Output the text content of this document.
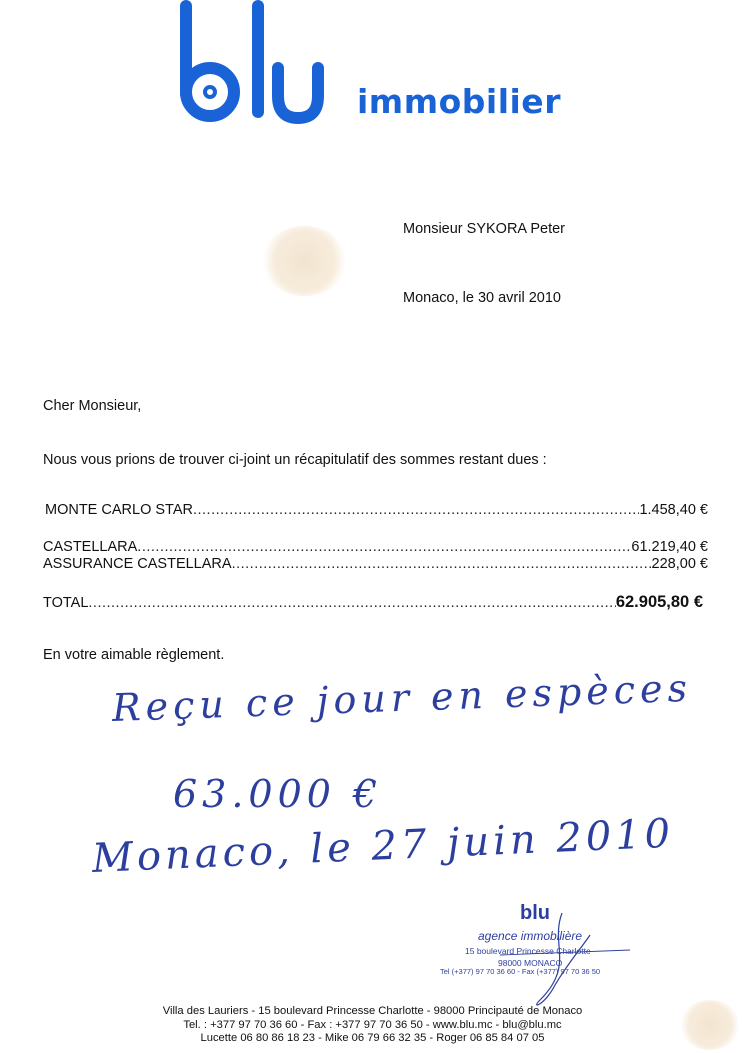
immobilier
Monsieur SYKORA Peter
Monaco, le 30 avril 2010
Cher Monsieur,
Nous vous prions de trouver ci-joint un récapitulatif des sommes restant dues :
MONTE CARLO STAR .....	1.458,40 €
CASTELLARA .....	61.219,40 €
ASSURANCE CASTELLARA .....	228,00 €
TOTAL .....	62.905,80 €
En votre aimable règlement.
Reçu ce jour en espèces
63.000 €
Monaco, le 27 juin 2010
blu
agence immobilière
15 boulevard Princesse Charlotte
98000 MONACO
Tel (+377) 97 70 36 60 - Fax (+377) 97 70 36 50
Villa des Lauriers - 15 boulevard Princesse Charlotte - 98000 Principauté de Monaco
Tel. : +377 97 70 36 60 - Fax : +377 97 70 36 50 - www.blu.mc - blu@blu.mc
Lucette 06 80 86 18 23 - Mike 06 79 66 32 35 - Roger 06 85 84 07 05
